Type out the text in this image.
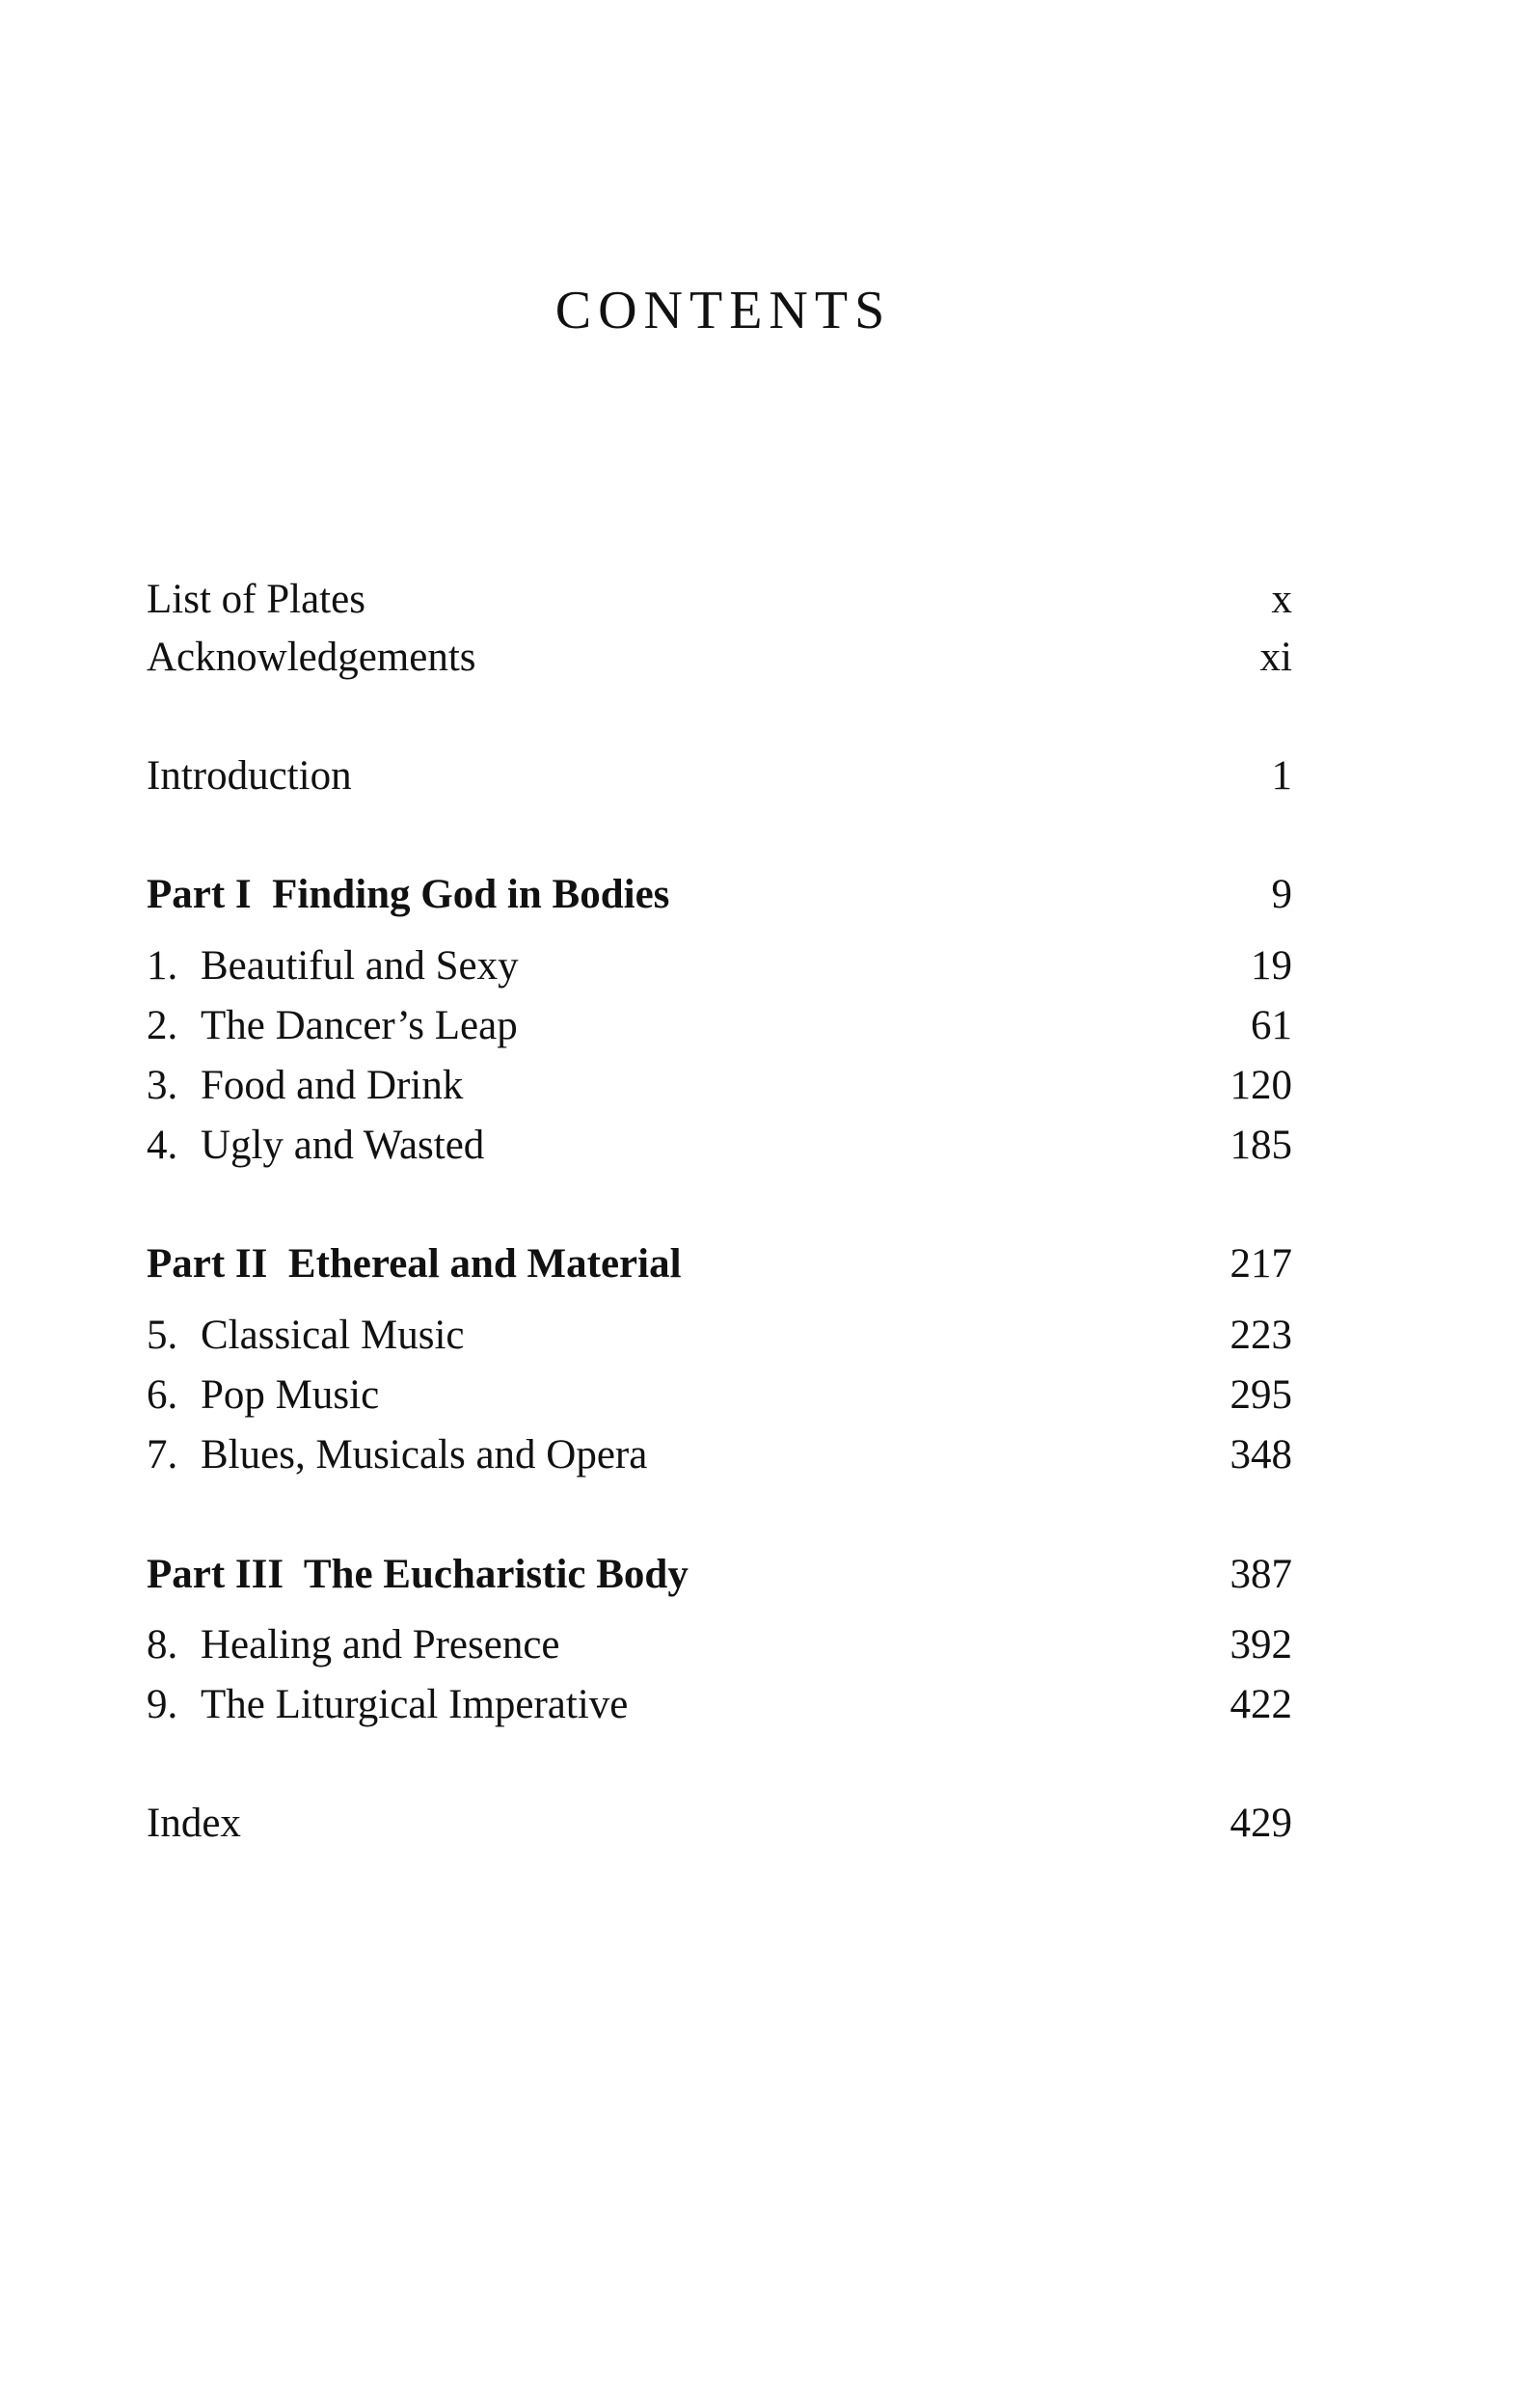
CONTENTS
List of Plates	x
Acknowledgements	xi
Introduction	1
Part I  Finding God in Bodies	9
1. Beautiful and Sexy	19
2. The Dancer’s Leap	61
3. Food and Drink	120
4. Ugly and Wasted	185
Part II  Ethereal and Material	217
5. Classical Music	223
6. Pop Music	295
7. Blues, Musicals and Opera	348
Part III  The Eucharistic Body	387
8. Healing and Presence	392
9. The Liturgical Imperative	422
Index	429
